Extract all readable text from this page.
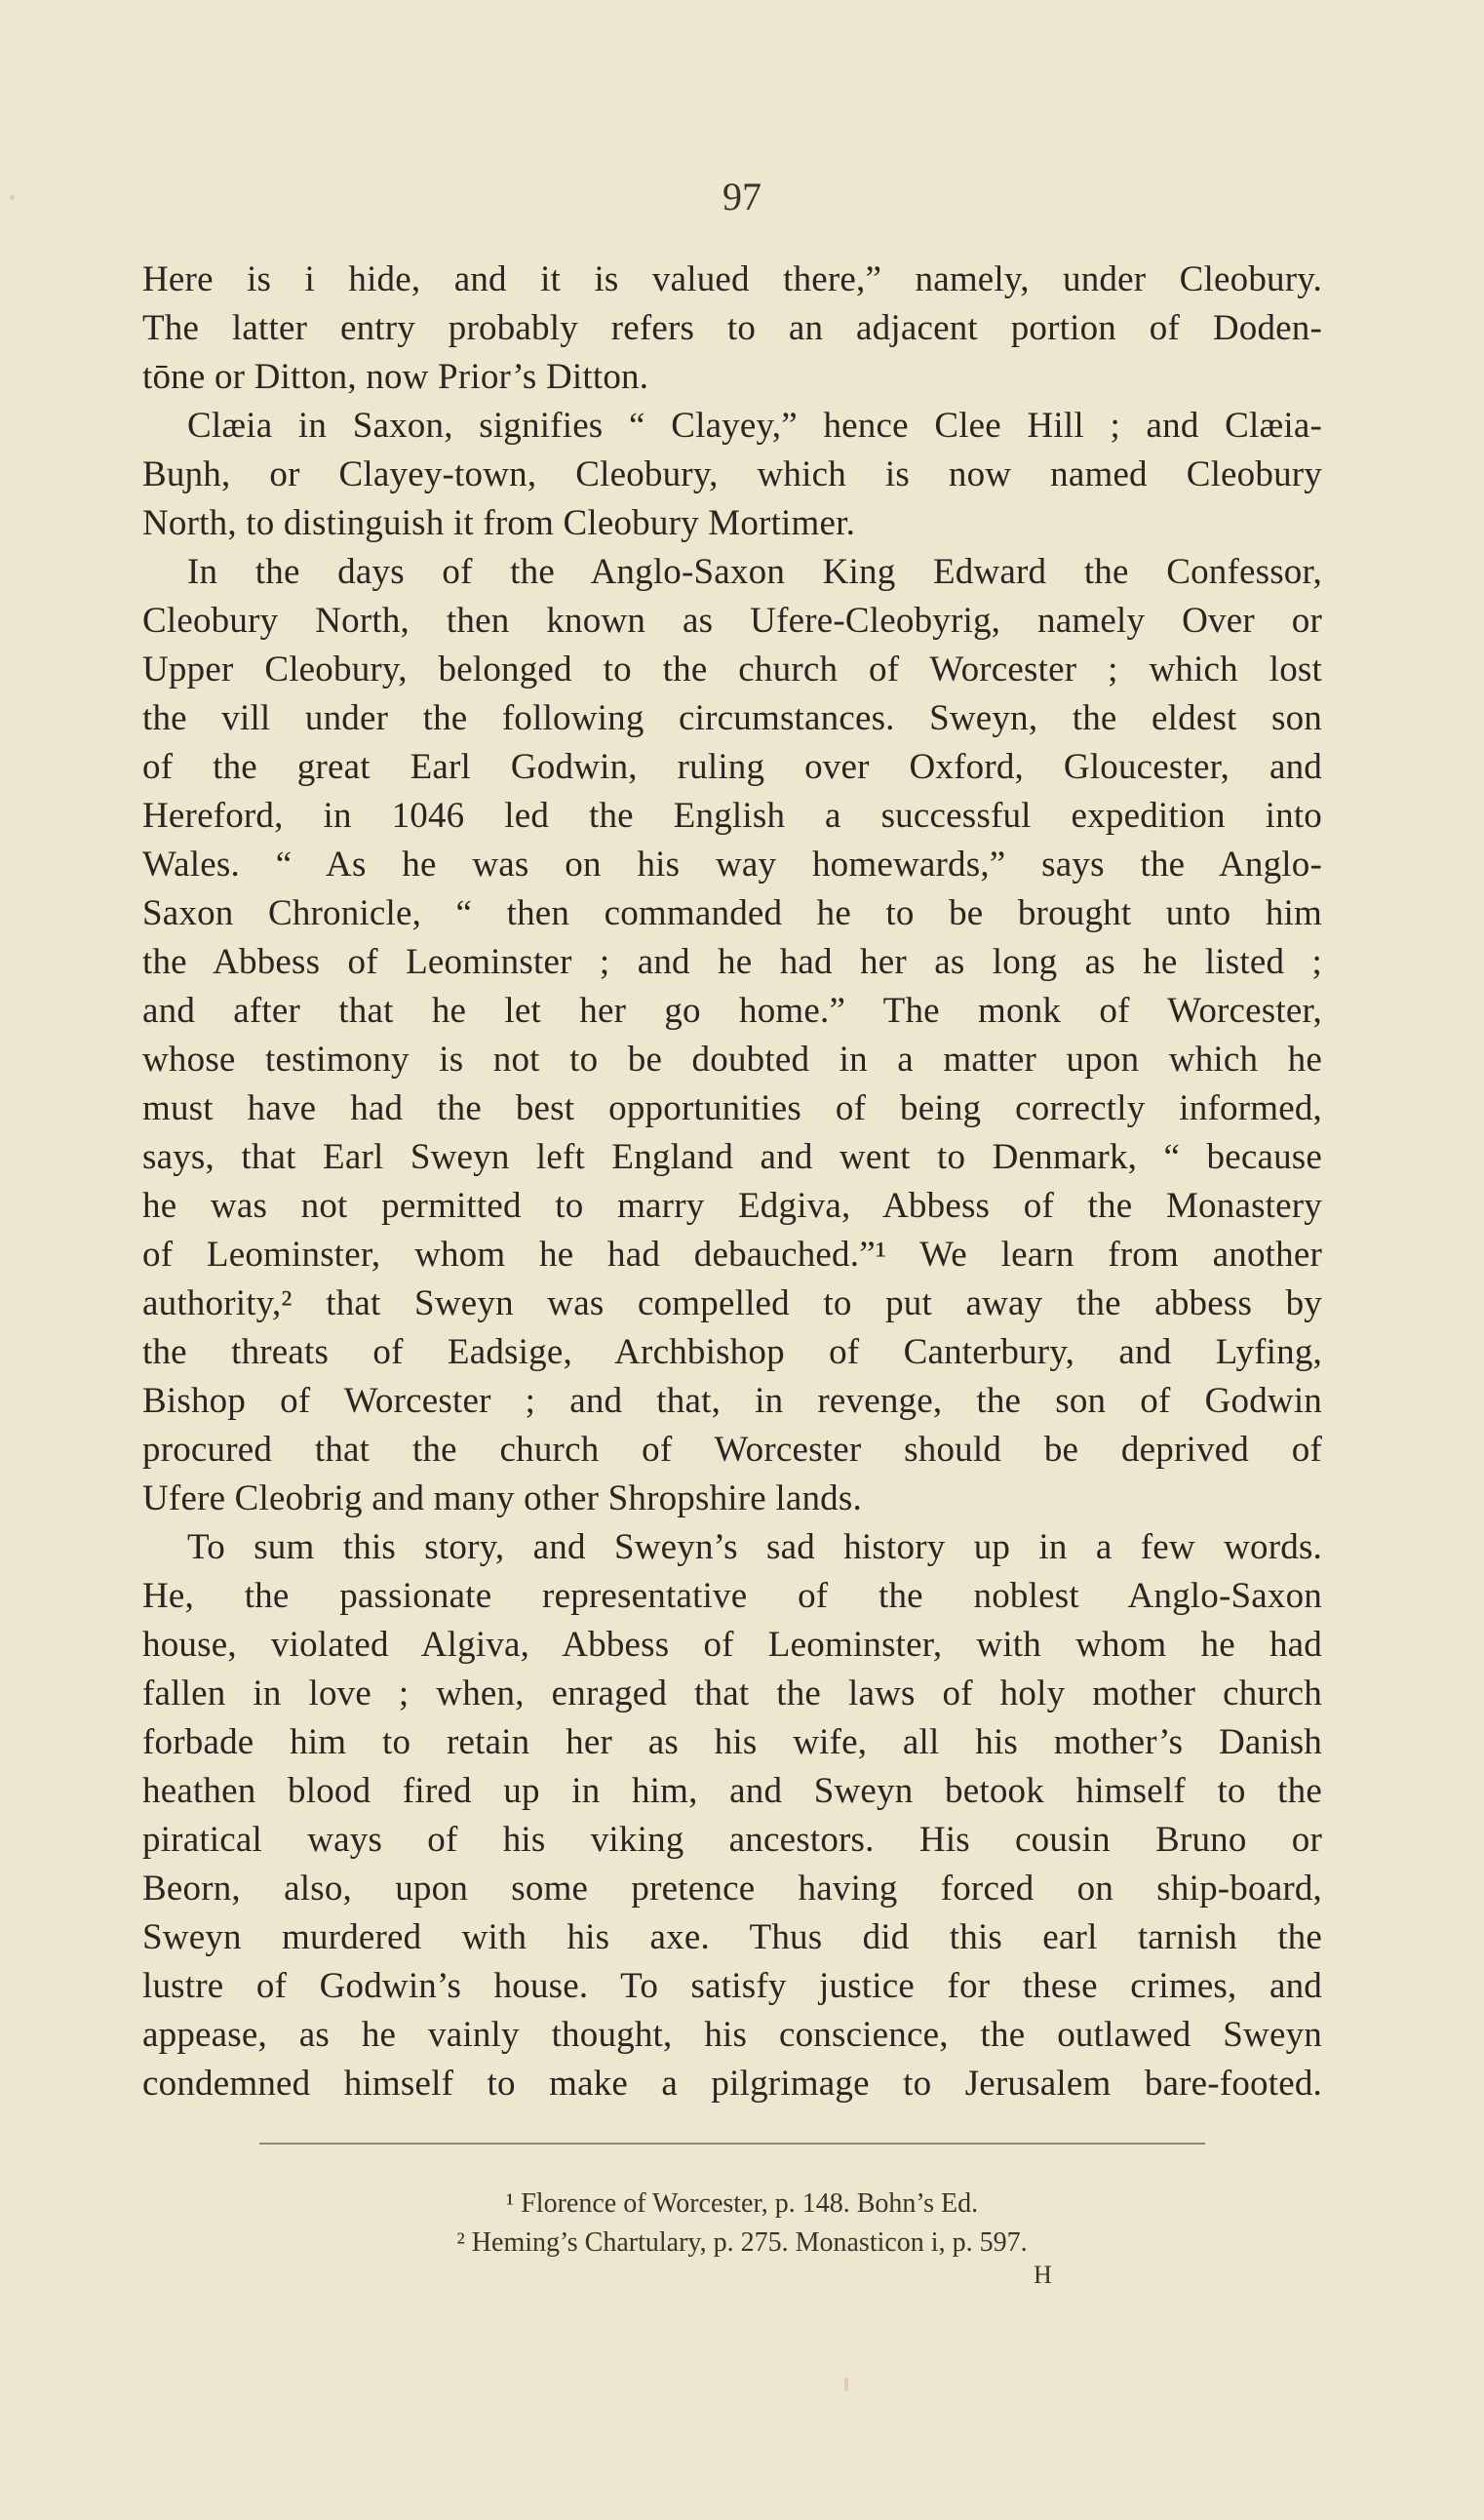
97
Here is i hide, and it is valued there,” namely, under Cleobury.
The latter entry probably refers to an adjacent portion of Doden-
tōne or Ditton, now Prior’s Ditton.
Clæia in Saxon, signifies “ Clayey,” hence Clee Hill ; and Clæia-
Buɲh, or Clayey-town, Cleobury, which is now named Cleobury
North, to distinguish it from Cleobury Mortimer.
In the days of the Anglo-Saxon King Edward the Confessor,
Cleobury North, then known as Ufere-Cleobyrig, namely Over or
Upper Cleobury, belonged to the church of Worcester ; which lost
the vill under the following circumstances. Sweyn, the eldest son
of the great Earl Godwin, ruling over Oxford, Gloucester, and
Hereford, in 1046 led the English a successful expedition into
Wales. “ As he was on his way homewards,” says the Anglo-
Saxon Chronicle, “ then commanded he to be brought unto him
the Abbess of Leominster ; and he had her as long as he listed ;
and after that he let her go home.” The monk of Worcester,
whose testimony is not to be doubted in a matter upon which he
must have had the best opportunities of being correctly informed,
says, that Earl Sweyn left England and went to Denmark, “ because
he was not permitted to marry Edgiva, Abbess of the Monastery
of Leominster, whom he had debauched.”¹ We learn from another
authority,² that Sweyn was compelled to put away the abbess by
the threats of Eadsige, Archbishop of Canterbury, and Lyfing,
Bishop of Worcester ; and that, in revenge, the son of Godwin
procured that the church of Worcester should be deprived of
Ufere Cleobrig and many other Shropshire lands.
To sum this story, and Sweyn’s sad history up in a few words.
He, the passionate representative of the noblest Anglo-Saxon
house, violated Algiva, Abbess of Leominster, with whom he had
fallen in love ; when, enraged that the laws of holy mother church
forbade him to retain her as his wife, all his mother’s Danish
heathen blood fired up in him, and Sweyn betook himself to the
piratical ways of his viking ancestors. His cousin Bruno or
Beorn, also, upon some pretence having forced on ship-board,
Sweyn murdered with his axe. Thus did this earl tarnish the
lustre of Godwin’s house. To satisfy justice for these crimes, and
appease, as he vainly thought, his conscience, the outlawed Sweyn
condemned himself to make a pilgrimage to Jerusalem bare-footed.
¹ Florence of Worcester, p. 148. Bohn’s Ed.
² Heming’s Chartulary, p. 275. Monasticon i, p. 597.
H
